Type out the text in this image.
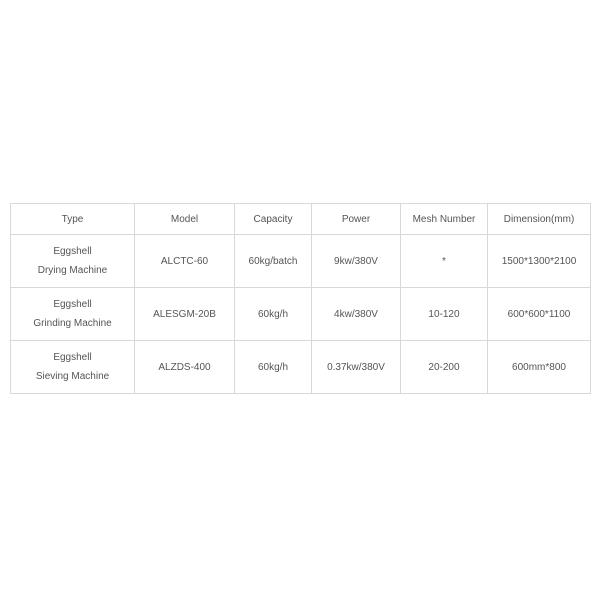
Type	Model	Capacity	Power	Mesh Number	Dimension(mm)

Eggshell
Drying Machine	ALCTC-60	60kg/batch	9kw/380V	*	1500*1300*2100

Eggshell
Grinding Machine	ALESGM-20B	60kg/h	4kw/380V	10-120	600*600*1100

Eggshell
Sieving Machine	ALZDS-400	60kg/h	0.37kw/380V	20-200	600mm*800
